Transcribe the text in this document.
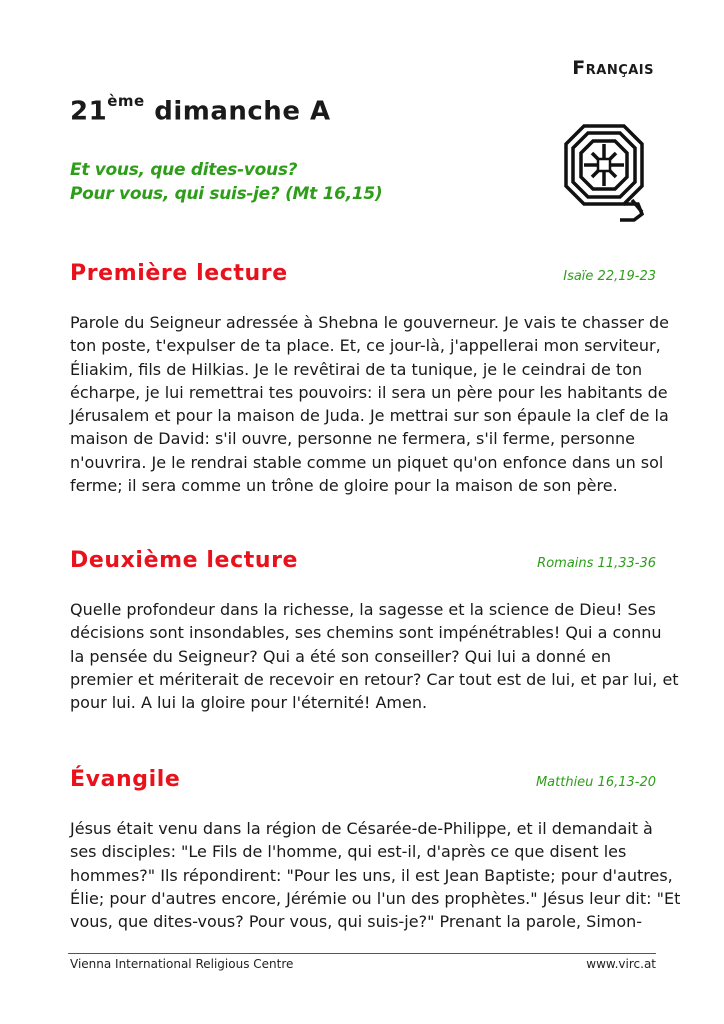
Français
21ème dimanche A
Et vous, que dites-vous?
Pour vous, qui suis-je? (Mt 16,15)
Première lecture	Isaïe 22,19-23
Parole du Seigneur adressée à Shebna le gouverneur. Je vais te chasser de
ton poste, t'expulser de ta place. Et, ce jour-là, j'appellerai mon serviteur,
Éliakim, fils de Hilkias. Je le revêtirai de ta tunique, je le ceindrai de ton
écharpe, je lui remettrai tes pouvoirs: il sera un père pour les habitants de
Jérusalem et pour la maison de Juda. Je mettrai sur son épaule la clef de la
maison de David: s'il ouvre, personne ne fermera, s'il ferme, personne
n'ouvrira. Je le rendrai stable comme un piquet qu'on enfonce dans un sol
ferme; il sera comme un trône de gloire pour la maison de son père.
Deuxième lecture	Romains 11,33-36
Quelle profondeur dans la richesse, la sagesse et la science de Dieu! Ses
décisions sont insondables, ses chemins sont impénétrables! Qui a connu
la pensée du Seigneur? Qui a été son conseiller? Qui lui a donné en
premier et mériterait de recevoir en retour? Car tout est de lui, et par lui, et
pour lui. A lui la gloire pour l'éternité! Amen.
Évangile	Matthieu 16,13-20
Jésus était venu dans la région de Césarée-de-Philippe, et il demandait à
ses disciples: "Le Fils de l'homme, qui est-il, d'après ce que disent les
hommes?" Ils répondirent: "Pour les uns, il est Jean Baptiste; pour d'autres,
Élie; pour d'autres encore, Jérémie ou l'un des prophètes." Jésus leur dit: "Et
vous, que dites-vous? Pour vous, qui suis-je?" Prenant la parole, Simon-
Vienna International Religious Centre	www.virc.at
